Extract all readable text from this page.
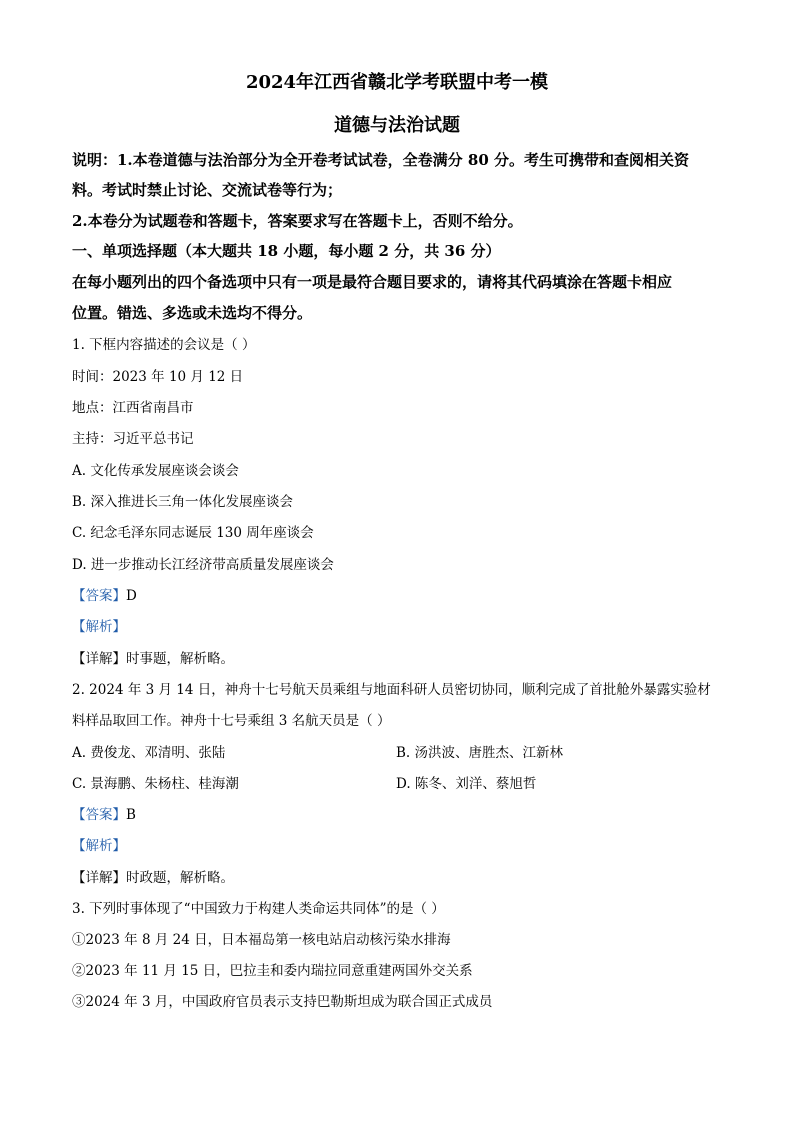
2024年江西省赣北学考联盟中考一模
道德与法治试题
说明：1.本卷道德与法治部分为全开卷考试试卷，全卷满分 80 分。考生可携带和查阅相关资
料。考试时禁止讨论、交流试卷等行为；
2.本卷分为试题卷和答题卡，答案要求写在答题卡上，否则不给分。
一、单项选择题（本大题共 18 小题，每小题 2 分，共 36 分）
在每小题列出的四个备选项中只有一项是最符合题目要求的，请将其代码填涂在答题卡相应
位置。错选、多选或未选均不得分。
1. 下框内容描述的会议是（ ）
时间：2023 年 10 月 12 日
地点：江西省南昌市
主持：习近平总书记
A. 文化传承发展座谈会谈会
B. 深入推进长三角一体化发展座谈会
C. 纪念毛泽东同志诞辰 130 周年座谈会
D. 进一步推动长江经济带高质量发展座谈会
【答案】D
【解析】
【详解】时事题，解析略。
2. 2024 年 3 月 14 日，神舟十七号航天员乘组与地面科研人员密切协同，顺利完成了首批舱外暴露实验材
料样品取回工作。神舟十七号乘组 3 名航天员是（ ）
A. 费俊龙、邓清明、张陆	B. 汤洪波、唐胜杰、江新林
C. 景海鹏、朱杨柱、桂海潮	D. 陈冬、刘洋、蔡旭哲
【答案】B
【解析】
【详解】时政题，解析略。
3. 下列时事体现了“中国致力于构建人类命运共同体”的是（ ）
①2023 年 8 月 24 日，日本福岛第一核电站启动核污染水排海
②2023 年 11 月 15 日，巴拉圭和委内瑞拉同意重建两国外交关系
③2024 年 3 月，中国政府官员表示支持巴勒斯坦成为联合国正式成员
